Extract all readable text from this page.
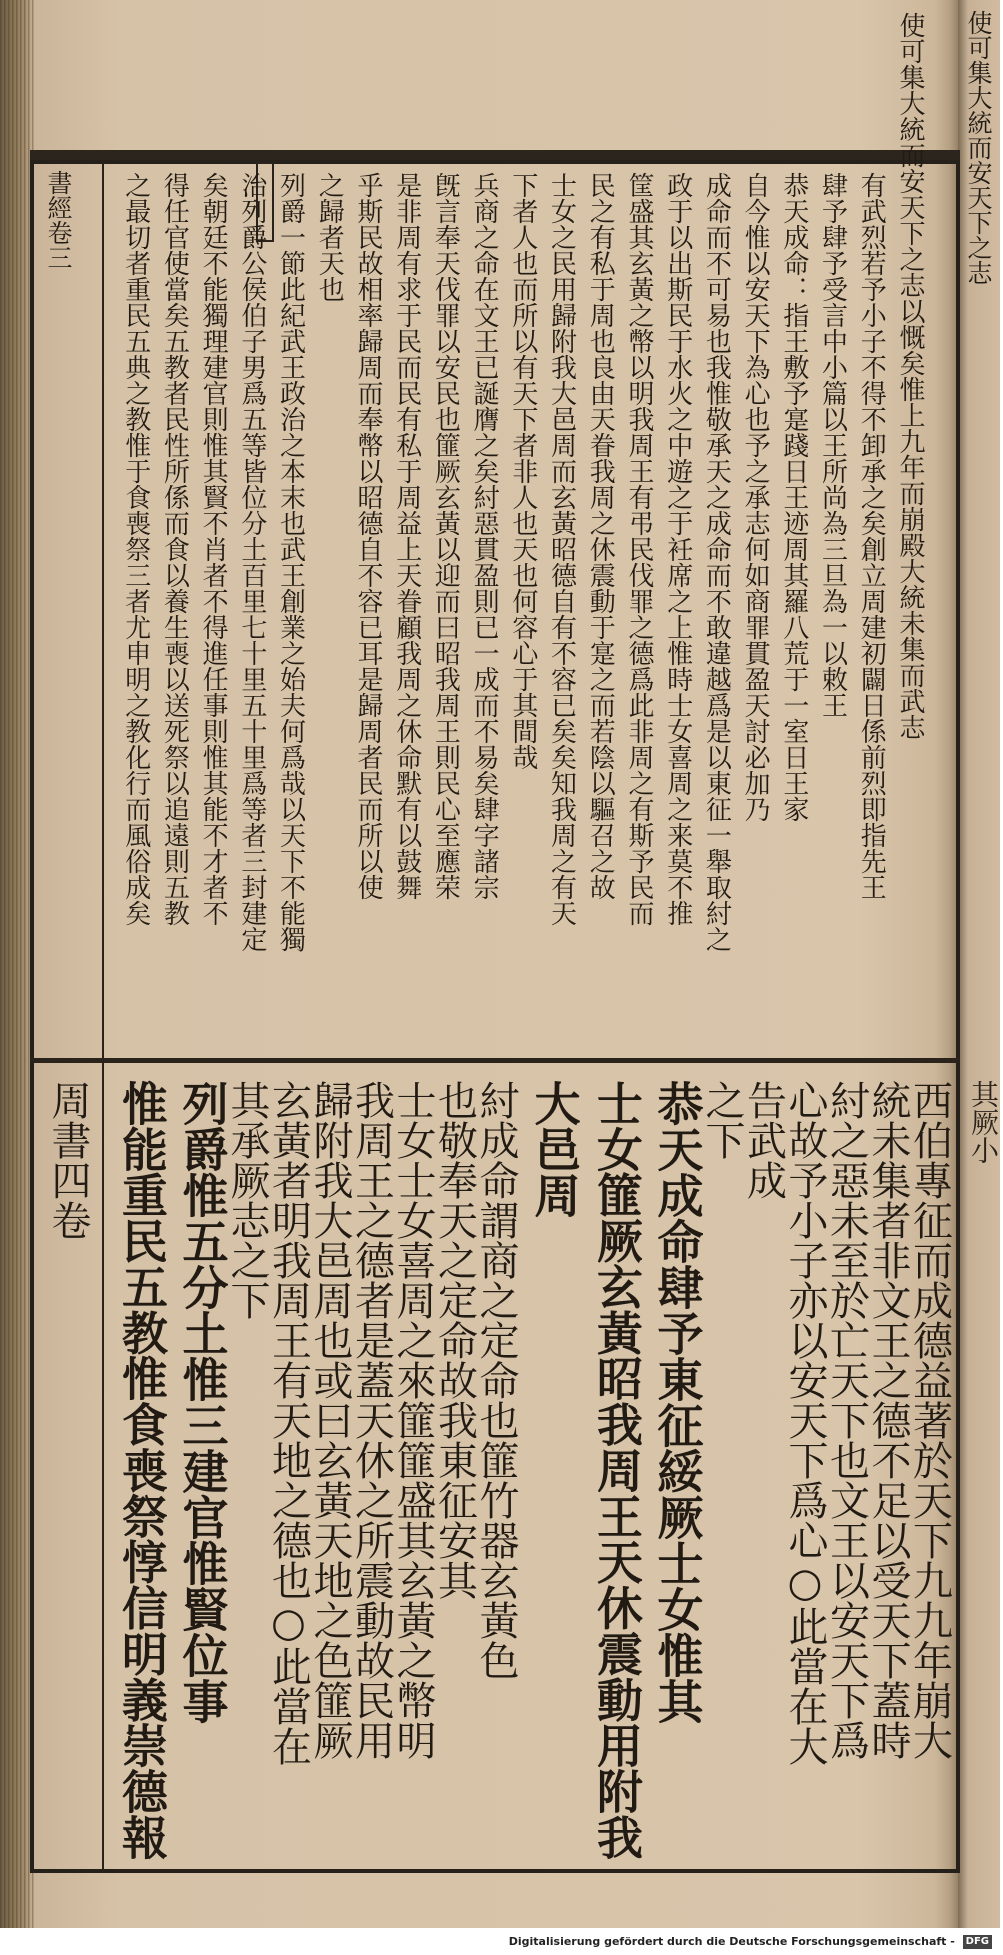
使可集大統而安天下之志
書經卷三
周書四卷	其厥小
使可集大統而安天下之志以慨矣惟上九年而崩殿大統未集而武志
有武烈若予小子不得不卸承之矣創立周建初闢日係前烈即指先王
肆予肆予受言中小篇以王所尚為三旦為一以敕王
恭天成命：指王敷予寔踐日王迹周其羅八荒于一室日王家
自今惟以安天下為心也予之承志何如商罪貫盈天討必加乃
成命而不可易也我惟敬承天之成命而不敢違越爲是以東征一舉取紂之
政于以出斯民于水火之中遊之于衽席之上惟時士女喜周之来莫不推
筐盛其玄黃之幣以明我周王有弔民伐罪之德爲此非周之有斯予民而
民之有私于周也良由天眷我周之休震動于寔之而若陰以驅召之故
士女之民用歸附我大邑周而玄黃昭德自有不容已矣矣知我周之有天
下者人也而所以有天下者非人也天也何容心于其間哉
兵商之命在文王已誕膺之矣紂惡貫盈則已一成而不易矣肆字諸宗
旣言奉天伐罪以安民也篚厥玄黃以迎而曰昭我周王則民心至應荣
是非周有求于民而民有私于周益上天眷顧我周之休命默有以鼓舞
乎斯民故相率歸周而奉幣以昭德自不容已耳是歸周者民而所以使
之歸者天也
列爵一節此紀武王政治之本末也武王創業之始夫何爲哉以天下不能獨
治列爵公侯伯子男爲五等皆位分土百里七十里五十里爲等者三封建定
矣朝廷不能獨理建官則惟其賢不肖者不得進任事則惟其能不才者不
得任官使當矣五教者民性所係而食以養生喪以送死祭以追遠則五教
之最切者重民五典之教惟于食喪祭三者尤申明之教化行而風俗成矣
西伯專征而成德益著於天下九九年崩大
統未集者非文王之德不足以受天下蓋時
紂之惡未至於亡天下也文王以安天下爲
心故予小子亦以安天下爲心○此當在大
告武成
之下
恭天成命肆予東征綏厥士女惟其
士女篚厥玄黃昭我周王天休震動用附我
大邑周
紂成命謂商之定命也篚竹器玄黃色
也敬奉天之定命故我東征安其
士女士女喜周之來篚篚盛其玄黃之幣明
我周王之德者是蓋天休之所震動故民用
歸附我大邑周也或曰玄黃天地之色篚厥
玄黃者明我周王有天地之德也○此當在
其承厥志之下
列爵惟五分土惟三建官惟賢位事
惟能重民五教惟食喪祭惇信明義崇德報
Digitalisierung gefördert durch die Deutsche Forschungsgemeinschaft - DFG
